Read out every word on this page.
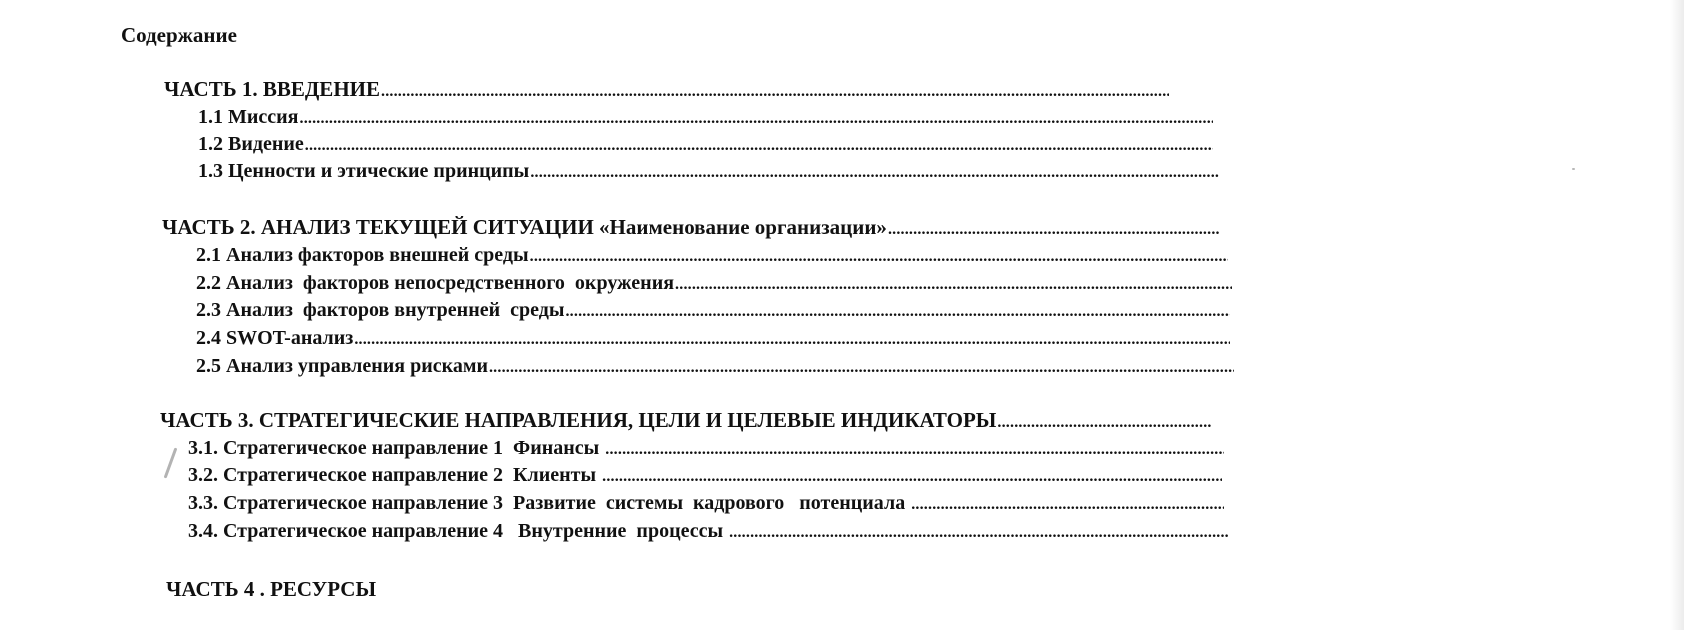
Содержание
ЧАСТЬ 1. ВВЕДЕНИЕ
.....
1.1 Миссия
.....
1.2 Видение
.....
1.3 Ценности и этические принципы
.....
ЧАСТЬ 2. АНАЛИЗ ТЕКУЩЕЙ СИТУАЦИИ «Наименование организации»
.....
2.1 Анализ факторов внешней среды
.....
2.2 Анализ  факторов непосредственного  окружения
.....
2.3 Анализ  факторов внутренней  среды
.....
2.4 SWOT-анализ
.....
2.5 Анализ управления рисками
.....
ЧАСТЬ 3. СТРАТЕГИЧЕСКИЕ НАПРАВЛЕНИЯ, ЦЕЛИ И ЦЕЛЕВЫЕ ИНДИКАТОРЫ
.....
3.1. Стратегическое направление 1  Финансы
.....
3.2. Стратегическое направление 2  Клиенты
.....
3.3. Стратегическое направление 3  Развитие  системы  кадрового   потенциала
.....
3.4. Стратегическое направление 4   Внутренние  процессы
.....
ЧАСТЬ 4 . РЕСУРСЫ
